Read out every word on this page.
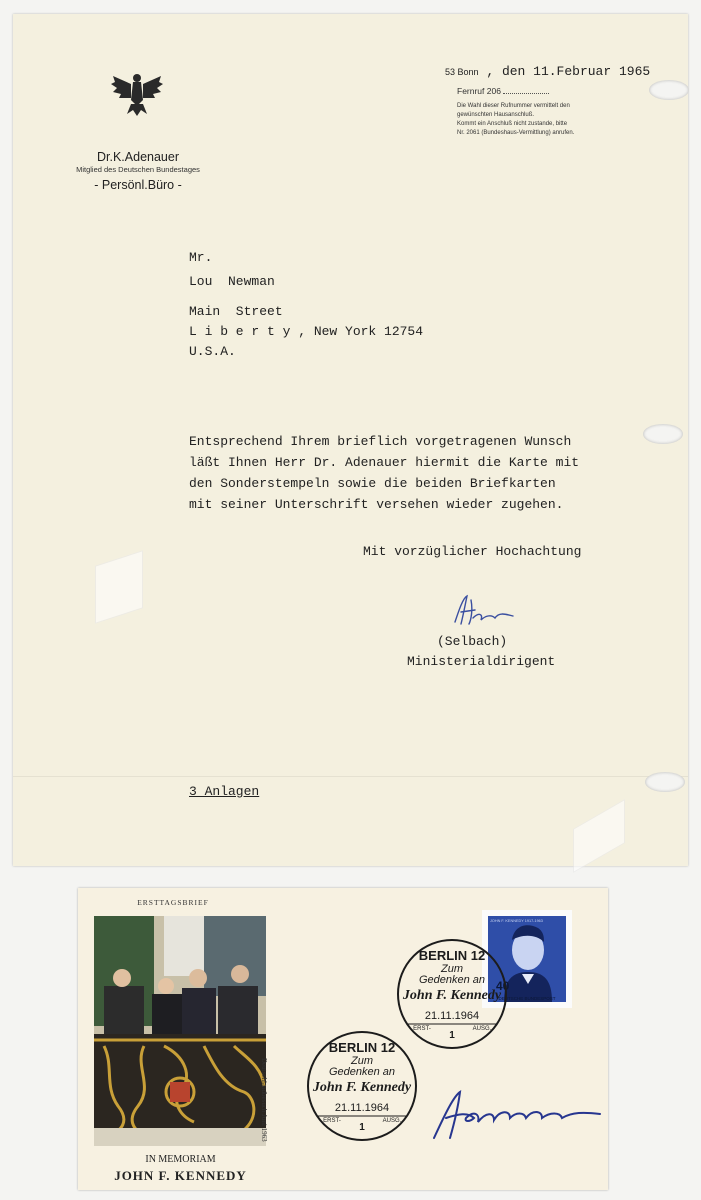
Dr.K.Adenauer
Mitglied des Deutschen Bundestages
- Persönl.Büro -
53 Bonn , den 11.Februar 1965
Fernruf 206
Die Wahl dieser Rufnummer vermittelt den
gewünschten Hausanschluß.
Kommt ein Anschluß nicht zustande, bitte
Nr. 2061 (Bundeshaus-Vermittlung) anrufen.
Mr.
Lou  Newman
Main  Street
L i b e r t y , New York 12754
U.S.A.
Entsprechend Ihrem brieflich vorgetragenen Wunsch
läßt Ihnen Herr Dr. Adenauer hiermit die Karte mit
den Sonderstempeln sowie die beiden Briefkarten
mit seiner Unterschrift versehen wieder zugehen.
Mit vorzüglicher Hochachtung
(Selbach)
Ministerialdirigent
3 Anlagen
ERSTTAGSBRIEF
Deutschlandbesuch Juni 1963
IN MEMORIAM
JOHN F. KENNEDY
40
DEUTSCHE BUNDESPOST
JOHN F. KENNEDY 1917-1963
BERLIN 12
Zum
Gedenken an
John F. Kennedy
21.11.1964
ERST-	AUSG.
1
BERLIN 12
Zum
Gedenken an
John F. Kennedy
21.11.1964
ERST-	AUSG.
1
